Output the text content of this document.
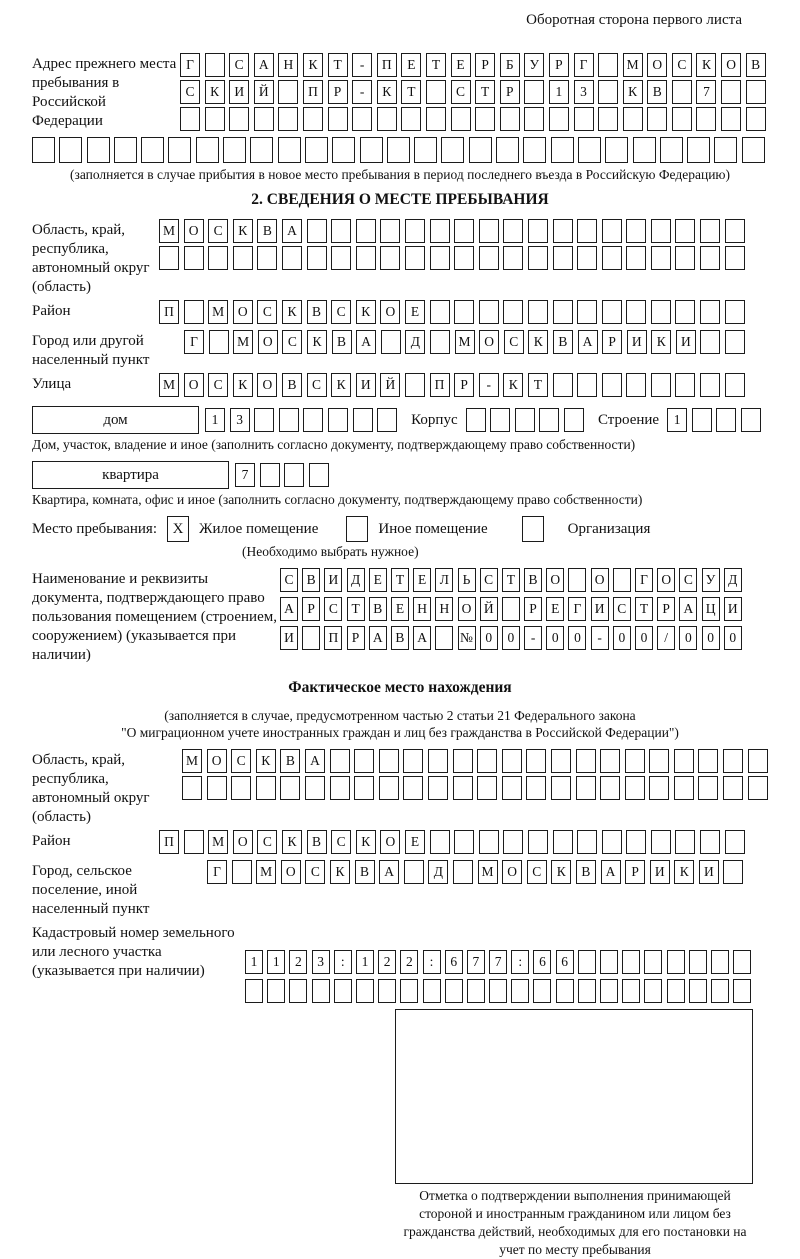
Оборотная сторона первого листа
Адрес прежнего места пребывания в Российской Федерации
Г	С	А	Н	К	Т	-	П	Е	Т	Е	Р	Б	У	Р	Г	М	О	С	К	О	В
С	К	И	Й	П	Р	-	К	Т	С	Т	Р	1	3	К	В	7
(заполняется в случае прибытия в новое место пребывания в период последнего въезда в Российскую Федерацию)
2. СВЕДЕНИЯ О МЕСТЕ ПРЕБЫВАНИЯ
Область, край, республика, автономный округ (область)
М	О	С	К	В	А
Район	П	М	О	С	К	В	С	К	О	Е
Город или другой населенный пункт
Г	М	О	С	К	В	А	Д	М	О	С	К	В	А	Р	И	К	И
Улица	М	О	С	К	О	В	С	К	И	Й	П	Р	-	К	Т
дом	1	3	Корпус	Строение	1
Дом, участок, владение и иное (заполнить согласно документу, подтверждающему право собственности)
квартира	7
Квартира, комната, офис и иное (заполнить согласно документу, подтверждающему право собственности)
Место пребывания:	X	Жилое помещение	Иное помещение	Организация
(Необходимо выбрать нужное)
Наименование и реквизиты документа, подтверждающего право пользования помещением (строением, сооружением) (указывается при наличии)
С В И Д Е	Т	Е Л	Ь	С	Т	В О	О	Г О С У Д
А	Р	С	Т	В	Е Н Н О Й	Р	Е	Г И С	Т	Р	А Ц И
И	П	Р	А В А	№ 0	0	-	0	0	-	0	0	/	0	0	0
Фактическое место нахождения
(заполняется в случае, предусмотренном частью 2 статьи 21 Федерального закона
"О миграционном учете иностранных граждан и лиц без гражданства в Российской Федерации")
Область, край, республика, автономный округ (область)
М	О	С	К	В	А
Район	П	М	О	С	К	В	С	К	О	Е
Город, сельское поселение, иной населенный пункт
Г	М	О	С	К	В	А	Д	М	О	С	К	В	А	Р	И	К	И
Кадастровый номер земельного или лесного участка (указывается при наличии)
1	1	2	3	:	1	2	2	:	6	7	7	:	6	6
Отметка о подтверждении выполнения принимающей стороной и иностранным гражданином или лицом без гражданства действий, необходимых для его постановки на учет по месту пребывания
